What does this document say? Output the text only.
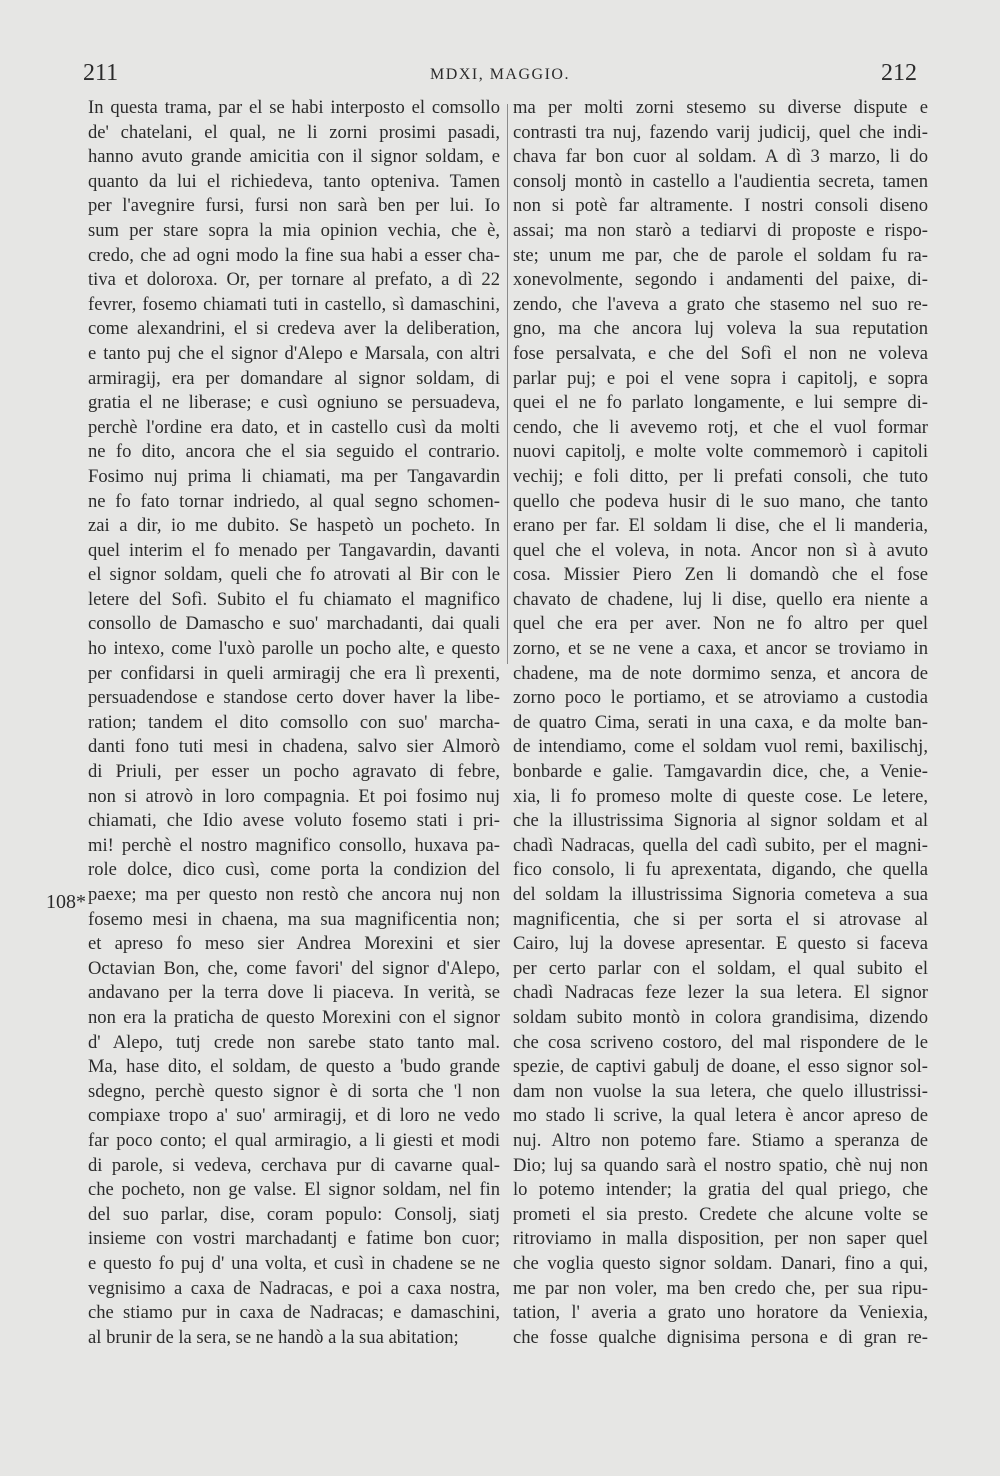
211	MDXI, MAGGIO.	212
108*
In questa trama, par el se habi interposto el comsollo
de' chatelani, el qual, ne li zorni prosimi pasadi,
hanno avuto grande amicitia con il signor soldam, e
quanto da lui el richiedeva, tanto opteniva. Tamen
per l'avegnire fursi, fursi non sarà ben per lui. Io
sum per stare sopra la mia opinion vechia, che è,
credo, che ad ogni modo la fine sua habi a esser cha-
tiva et doloroxa. Or, per tornare al prefato, a dì 22
fevrer, fosemo chiamati tuti in castello, sì damaschini,
come alexandrini, el si credeva aver la deliberation,
e tanto puj che el signor d'Alepo e Marsala, con altri
armiragij, era per domandare al signor soldam, di
gratia el ne liberase; e cusì ogniuno se persuadeva,
perchè l'ordine era dato, et in castello cusì da molti
ne fo dito, ancora che el sia seguido el contrario.
Fosimo nuj prima li chiamati, ma per Tangavardin
ne fo fato tornar indriedo, al qual segno schomen-
zai a dir, io me dubito. Se haspetò un pocheto. In
quel interim el fo menado per Tangavardin, davanti
el signor soldam, queli che fo atrovati al Bir con le
letere del Sofì. Subito el fu chiamato el magnifico
consollo de Damascho e suo' marchadanti, dai quali
ho intexo, come l'uxò parolle un pocho alte, e questo
per confidarsi in queli armiragij che era lì prexenti,
persuadendose e standose certo dover haver la libe-
ration; tandem el dito comsollo con suo' marcha-
danti fono tuti mesi in chadena, salvo sier Almorò
di Priuli, per esser un pocho agravato di febre,
non si atrovò in loro compagnia. Et poi fosimo nuj
chiamati, che Idio avese voluto fosemo stati i pri-
mi! perchè el nostro magnifico consollo, huxava pa-
role dolce, dico cusì, come porta la condizion del
paexe; ma per questo non restò che ancora nuj non
fosemo mesi in chaena, ma sua magnificentia non;
et apreso fo meso sier Andrea Morexini et sier
Octavian Bon, che, come favori' del signor d'Alepo,
andavano per la terra dove li piaceva. In verità, se
non era la praticha de questo Morexini con el signor
d' Alepo, tutj crede non sarebe stato tanto mal.
Ma, hase dito, el soldam, de questo a 'budo grande
sdegno, perchè questo signor è di sorta che 'l non
compiaxe tropo a' suo' armiragij, et di loro ne vedo
far poco conto; el qual armiragio, a li giesti et modi
di parole, si vedeva, cerchava pur di cavarne qual-
che pocheto, non ge valse. El signor soldam, nel fin
del suo parlar, dise, coram populo: Consolj, siatj
insieme con vostri marchadantj e fatime bon cuor;
e questo fo puj d' una volta, et cusì in chadene se ne
vegnisimo a caxa de Nadracas, e poi a caxa nostra,
che stiamo pur in caxa de Nadracas; e damaschini,
al brunir de la sera, se ne handò a la sua abitation;
ma per molti zorni stesemo su diverse dispute e
contrasti tra nuj, fazendo varij judicij, quel che indi-
chava far bon cuor al soldam. A dì 3 marzo, li do
consolj montò in castello a l'audientia secreta, tamen
non si potè far altramente. I nostri consoli diseno
assai; ma non starò a tediarvi di proposte e rispo-
ste; unum me par, che de parole el soldam fu ra-
xonevolmente, segondo i andamenti del paixe, di-
zendo, che l'aveva a grato che stasemo nel suo re-
gno, ma che ancora luj voleva la sua reputation
fose persalvata, e che del Sofì el non ne voleva
parlar puj; e poi el vene sopra i capitolj, e sopra
quei el ne fo parlato longamente, e lui sempre di-
cendo, che li avevemo rotj, et che el vuol formar
nuovi capitolj, e molte volte commemorò i capitoli
vechij; e foli ditto, per li prefati consoli, che tuto
quello che podeva husir di le suo mano, che tanto
erano per far. El soldam li dise, che el li manderia,
quel che el voleva, in nota. Ancor non sì à avuto
cosa. Missier Piero Zen li domandò che el fose
chavato de chadene, luj li dise, quello era niente a
quel che era per aver. Non ne fo altro per quel
zorno, et se ne vene a caxa, et ancor se troviamo in
chadene, ma de note dormimo senza, et ancora de
zorno poco le portiamo, et se atroviamo a custodia
de quatro Cima, serati in una caxa, e da molte ban-
de intendiamo, come el soldam vuol remi, baxilischj,
bonbarde e galie. Tamgavardin dice, che, a Venie-
xia, li fo promeso molte di queste cose. Le letere,
che la illustrissima Signoria al signor soldam et al
chadì Nadracas, quella del cadì subito, per el magni-
fico consolo, li fu aprexentata, digando, che quella
del soldam la illustrissima Signoria cometeva a sua
magnificentia, che si per sorta el si atrovase al
Cairo, luj la dovese apresentar. E questo si faceva
per certo parlar con el soldam, el qual subito el
chadì Nadracas feze lezer la sua letera. El signor
soldam subito montò in colora grandisima, dizendo
che cosa scriveno costoro, del mal rispondere de le
spezie, de captivi gabulj de doane, el esso signor sol-
dam non vuolse la sua letera, che quelo illustrissi-
mo stado li scrive, la qual letera è ancor apreso de
nuj. Altro non potemo fare. Stiamo a speranza de
Dio; luj sa quando sarà el nostro spatio, chè nuj non
lo potemo intender; la gratia del qual priego, che
prometi el sia presto. Credete che alcune volte se
ritroviamo in malla disposition, per non saper quel
che voglia questo signor soldam. Danari, fino a qui,
me par non voler, ma ben credo che, per sua ripu-
tation, l' averia a grato uno horatore da Veniexia,
che fosse qualche dignisima persona e di gran re-
